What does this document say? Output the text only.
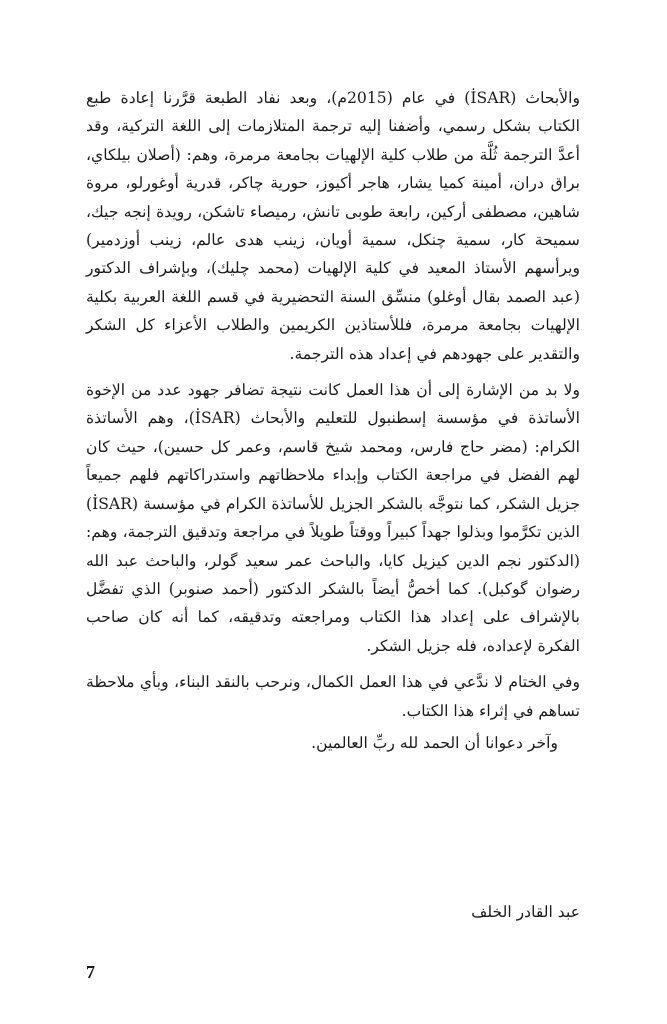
والأبحاث (İSAR) في عام (2015م)، وبعد نفاد الطبعة قرَّرنا إعادة طبع الكتاب بشكل رسمي، وأضفنا إليه ترجمة المتلازمات إلى اللغة التركية، وقد أعدَّ الترجمة ثُلَّة من طلاب كلية الإلهيات بجامعة مرمرة، وهم: (أصلان بيلكاي، براق دران، أمينة كميا يشار، هاجر أكيوز، حورية چاكر، قدرية أوغورلو، مروة شاهين، مصطفى أركين، رابعة طوبى تانش، رميصاء تاشكن، رويدة إنجه جيك، سميحة كار، سمية چنكل، سمية أويان، زينب هدى عالم، زينب أوزدمير) ويرأسهم الأستاذ المعيد في كلية الإلهيات (محمد چليك)، وبإشراف الدكتور (عبد الصمد بقال أوغلو) منسِّق السنة التحضيرية في قسم اللغة العربية بكلية الإلهيات بجامعة مرمرة، فللأستاذين الكريمين والطلاب الأعزاء كل الشكر والتقدير على جهودهم في إعداد هذه الترجمة.

ولا بد من الإشارة إلى أن هذا العمل كانت نتيجة تضافر جهود عدد من الإخوة الأساتذة في مؤسسة إسطنبول للتعليم والأبحاث (İSAR)، وهم الأساتذة الكرام: (مضر حاج فارس، ومحمد شيخ قاسم، وعمر كل حسين)، حيث كان لهم الفضل في مراجعة الكتاب وإبداء ملاحظاتهم واستدراكاتهم فلهم جميعاً جزيل الشكر، كما نتوجَّه بالشكر الجزيل للأساتذة الكرام في مؤسسة (İSAR) الذين تكرَّموا وبذلوا جهداً كبيراً ووقتاً طويلاً في مراجعة وتدقيق الترجمة، وهم: (الدكتور نجم الدين كيزيل كايا، والباحث عمر سعيد گولر، والباحث عبد الله رضوان گوكبل). كما أخصُّ أيضاً بالشكر الدكتور (أحمد صنوبر) الذي تفضَّل بالإشراف على إعداد هذا الكتاب ومراجعته وتدقيقه، كما أنه كان صاحب الفكرة لإعداده، فله جزيل الشكر.

وفي الختام لا ندَّعي في هذا العمل الكمال، ونرحب بالنقد البناء، وبأي ملاحظة تساهم في إثراء هذا الكتاب.

وآخر دعوانا أن الحمد لله ربِّ العالمين.

عبد القادر الخلف
7
